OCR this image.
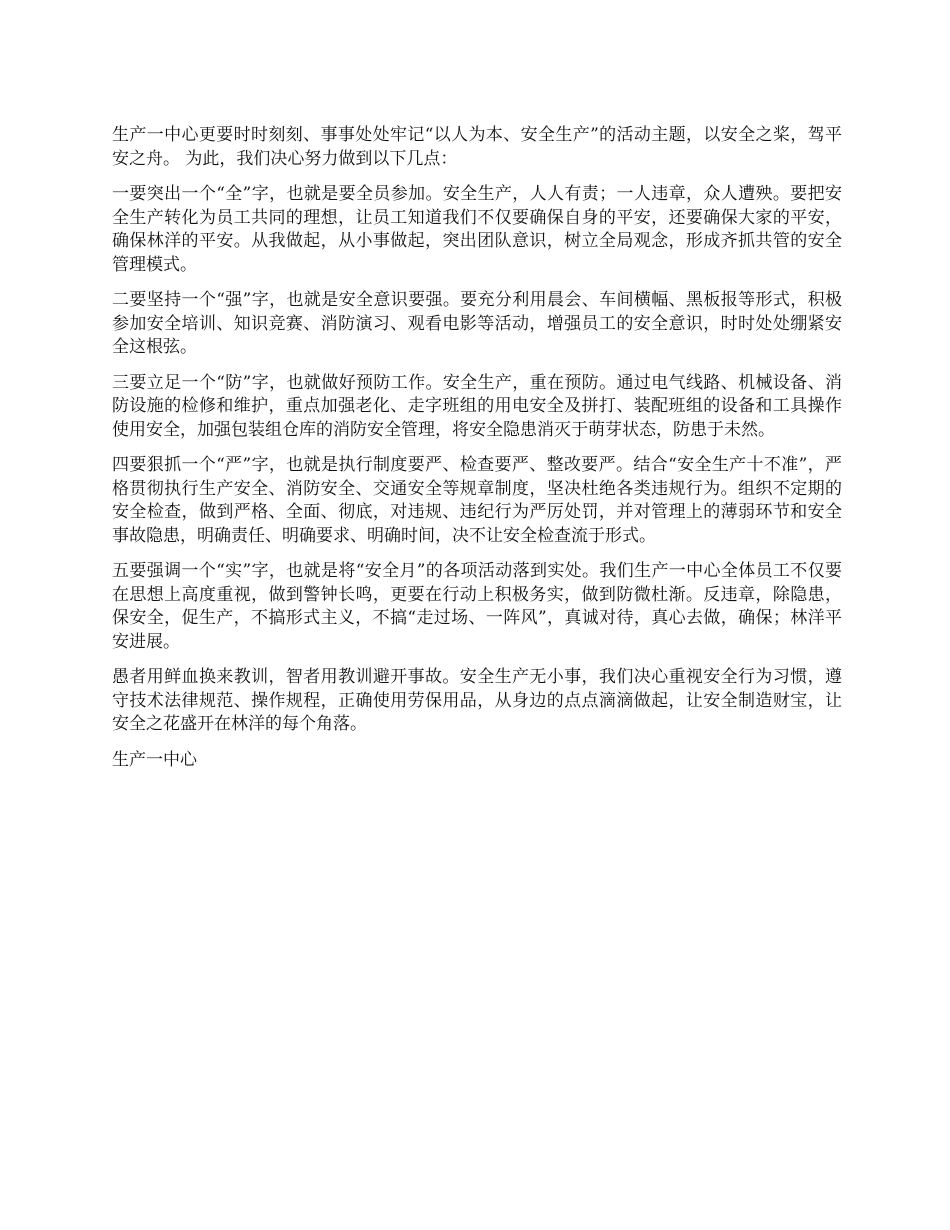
生产一中心更要时时刻刻、事事处处牢记“以人为本、安全生产”的活动主题，以安全之桨，驾平安之舟。 为此，我们决心努力做到以下几点：

一要突出一个“全”字，也就是要全员参加。安全生产，人人有责；一人违章，众人遭殃。要把安全生产转化为员工共同的理想，让员工知道我们不仅要确保自身的平安，还要确保大家的平安，确保林洋的平安。从我做起，从小事做起，突出团队意识，树立全局观念，形成齐抓共管的安全管理模式。

二要坚持一个“强”字，也就是安全意识要强。要充分利用晨会、车间横幅、黑板报等形式，积极参加安全培训、知识竞赛、消防演习、观看电影等活动，增强员工的安全意识，时时处处绷紧安全这根弦。

三要立足一个“防”字，也就做好预防工作。安全生产，重在预防。通过电气线路、机械设备、消防设施的检修和维护，重点加强老化、走字班组的用电安全及拼打、装配班组的设备和工具操作使用安全，加强包装组仓库的消防安全管理，将安全隐患消灭于萌芽状态，防患于未然。

四要狠抓一个“严”字，也就是执行制度要严、检查要严、整改要严。结合“安全生产十不准”，严格贯彻执行生产安全、消防安全、交通安全等规章制度，坚决杜绝各类违规行为。组织不定期的安全检查，做到严格、全面、彻底，对违规、违纪行为严厉处罚，并对管理上的薄弱环节和安全事故隐患，明确责任、明确要求、明确时间，决不让安全检查流于形式。

五要强调一个“实”字，也就是将“安全月”的各项活动落到实处。我们生产一中心全体员工不仅要在思想上高度重视，做到警钟长鸣，更要在行动上积极务实，做到防微杜渐。反违章，除隐患，保安全，促生产，不搞形式主义，不搞“走过场、一阵风”，真诚对待，真心去做，确保；林洋平安进展。

愚者用鲜血换来教训，智者用教训避开事故。安全生产无小事，我们决心重视安全行为习惯，遵守技术法律规范、操作规程，正确使用劳保用品，从身边的点点滴滴做起，让安全制造财宝，让安全之花盛开在林洋的每个角落。

生产一中心
